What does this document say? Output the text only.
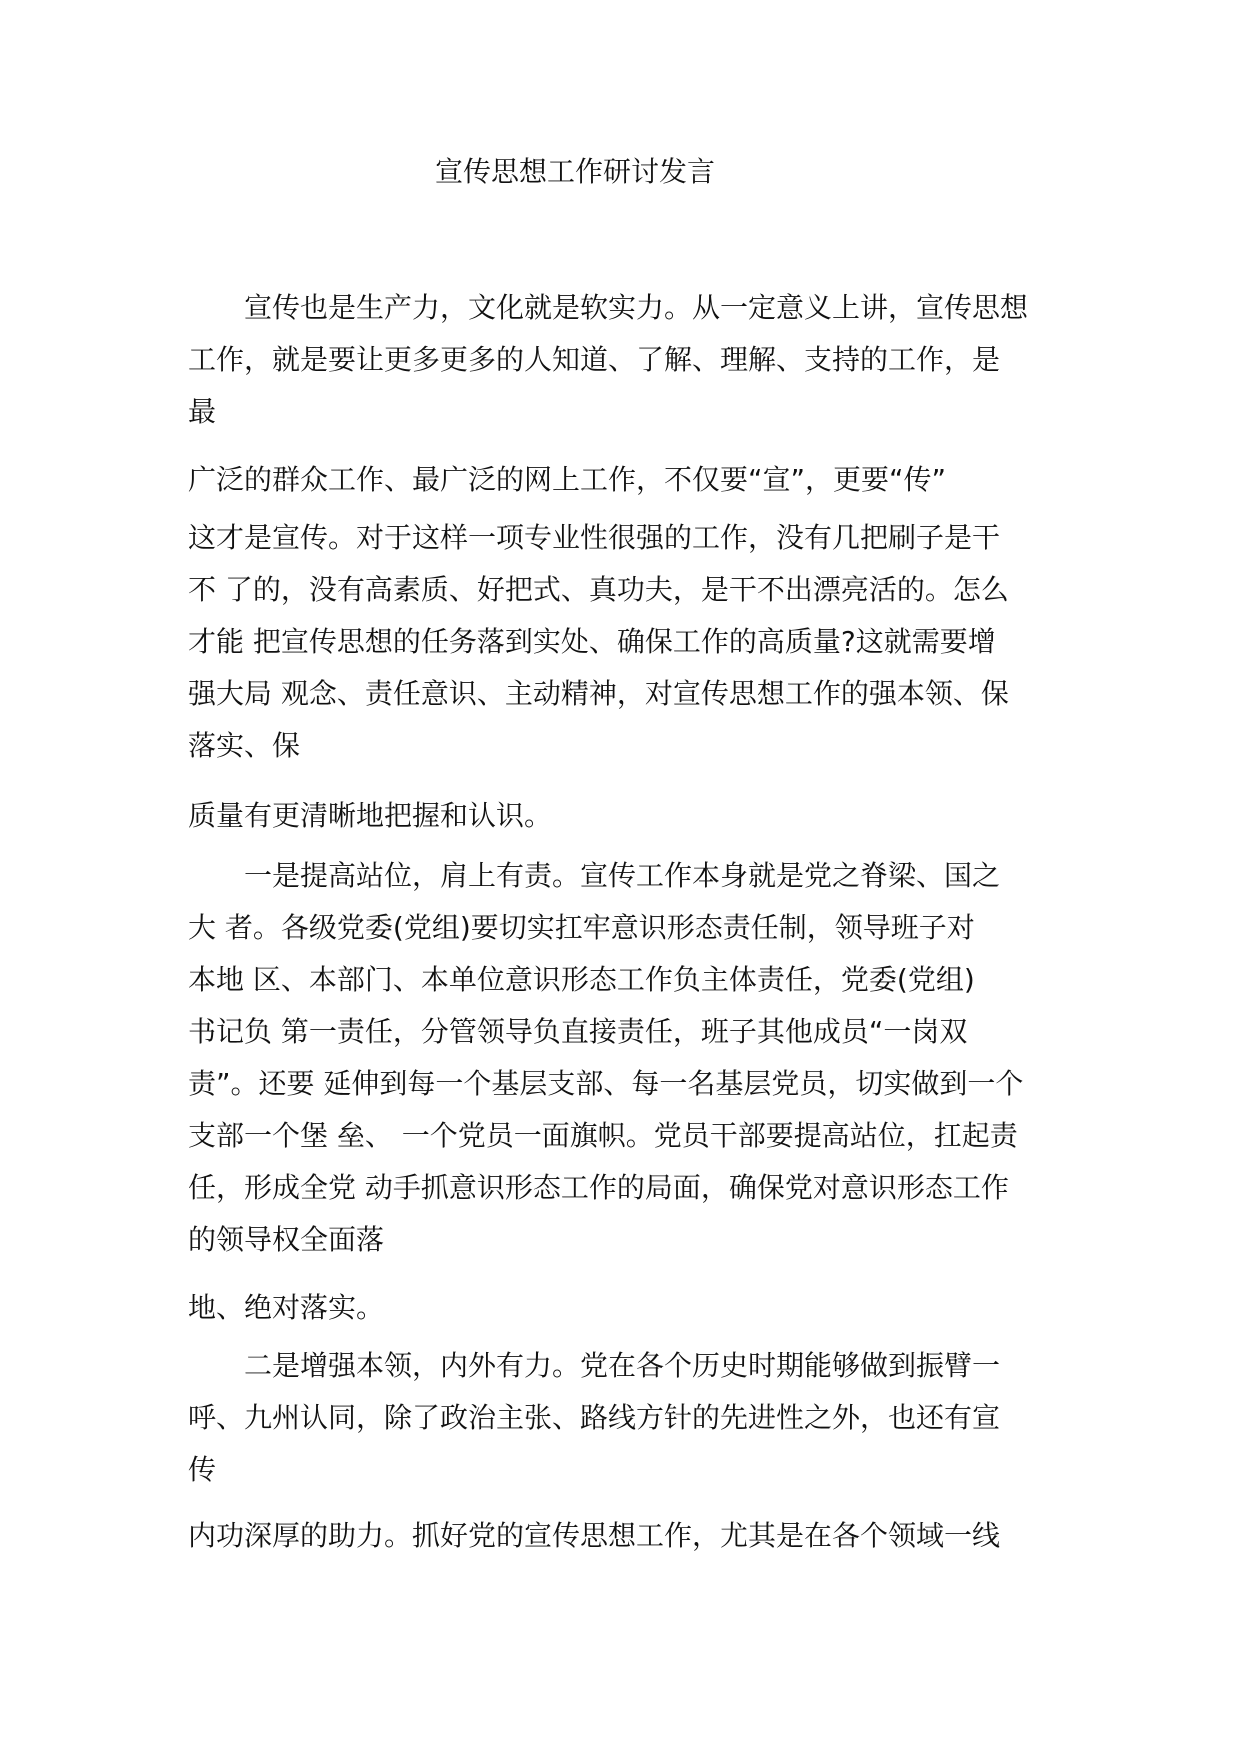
宣传思想工作研讨发言
宣传也是生产力，文化就是软实力。从一定意义上讲，宣传思想
工作，就是要让更多更多的人知道、了解、理解、支持的工作，是
最
广泛的群众工作、最广泛的网上工作，不仅要“宣”，更要“传”
这才是宣传。对于这样一项专业性很强的工作，没有几把刷子是干
不 了的，没有高素质、好把式、真功夫，是干不出漂亮活的。怎么
才能 把宣传思想的任务落到实处、确保工作的高质量?这就需要增
强大局 观念、责任意识、主动精神，对宣传思想工作的强本领、保
落实、保
质量有更清晰地把握和认识。
一是提高站位，肩上有责。宣传工作本身就是党之脊梁、国之
大 者。各级党委(党组)要切实扛牢意识形态责任制，领导班子对
本地 区、本部门、本单位意识形态工作负主体责任，党委(党组)
书记负 第一责任，分管领导负直接责任，班子其他成员“一岗双
责”。还要 延伸到每一个基层支部、每一名基层党员，切实做到一个
支部一个堡 垒、 一个党员一面旗帜。党员干部要提高站位，扛起责
任，形成全党 动手抓意识形态工作的局面，确保党对意识形态工作
的领导权全面落
地、绝对落实。
二是增强本领，内外有力。党在各个历史时期能够做到振臂一
呼、九州认同，除了政治主张、路线方针的先进性之外，也还有宣
传
内功深厚的助力。抓好党的宣传思想工作，尤其是在各个领域一线
